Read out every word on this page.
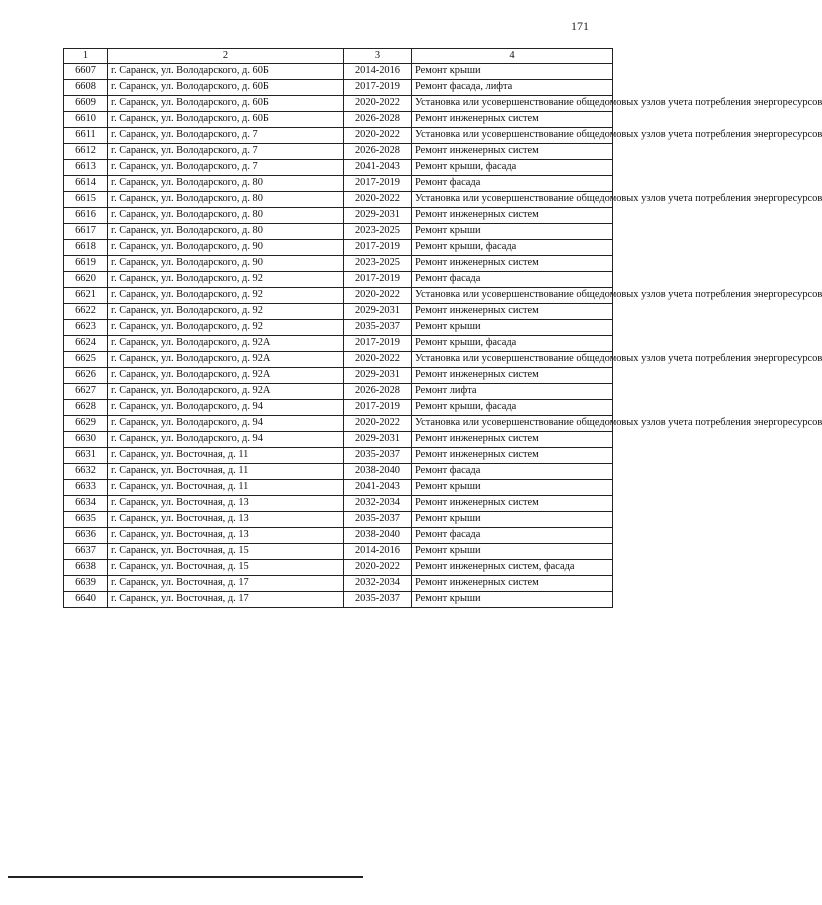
171
1	2	3	4
6607	г. Саранск, ул. Володарского, д. 60Б	2014-2016	Ремонт крыши
6608	г. Саранск, ул. Володарского, д. 60Б	2017-2019	Ремонт фасада, лифта
6609	г. Саранск, ул. Володарского, д. 60Б	2020-2022	Установка или усовершенствование общедомовых узлов учета потребления энергоресурсов
6610	г. Саранск, ул. Володарского, д. 60Б	2026-2028	Ремонт инженерных систем
6611	г. Саранск, ул. Володарского, д. 7	2020-2022	Установка или усовершенствование общедомовых узлов учета потребления энергоресурсов
6612	г. Саранск, ул. Володарского, д. 7	2026-2028	Ремонт инженерных систем
6613	г. Саранск, ул. Володарского, д. 7	2041-2043	Ремонт крыши, фасада
6614	г. Саранск, ул. Володарского, д. 80	2017-2019	Ремонт фасада
6615	г. Саранск, ул. Володарского, д. 80	2020-2022	Установка или усовершенствование общедомовых узлов учета потребления энергоресурсов
6616	г. Саранск, ул. Володарского, д. 80	2029-2031	Ремонт инженерных систем
6617	г. Саранск, ул. Володарского, д. 80	2023-2025	Ремонт крыши
6618	г. Саранск, ул. Володарского, д. 90	2017-2019	Ремонт крыши, фасада
6619	г. Саранск, ул. Володарского, д. 90	2023-2025	Ремонт инженерных систем
6620	г. Саранск, ул. Володарского, д. 92	2017-2019	Ремонт фасада
6621	г. Саранск, ул. Володарского, д. 92	2020-2022	Установка или усовершенствование общедомовых узлов учета потребления энергоресурсов
6622	г. Саранск, ул. Володарского, д. 92	2029-2031	Ремонт инженерных систем
6623	г. Саранск, ул. Володарского, д. 92	2035-2037	Ремонт крыши
6624	г. Саранск, ул. Володарского, д. 92А	2017-2019	Ремонт крыши, фасада
6625	г. Саранск, ул. Володарского, д. 92А	2020-2022	Установка или усовершенствование общедомовых узлов учета потребления энергоресурсов
6626	г. Саранск, ул. Володарского, д. 92А	2029-2031	Ремонт инженерных систем
6627	г. Саранск, ул. Володарского, д. 92А	2026-2028	Ремонт лифта
6628	г. Саранск, ул. Володарского, д. 94	2017-2019	Ремонт крыши, фасада
6629	г. Саранск, ул. Володарского, д. 94	2020-2022	Установка или усовершенствование общедомовых узлов учета потребления энергоресурсов
6630	г. Саранск, ул. Володарского, д. 94	2029-2031	Ремонт инженерных систем
6631	г. Саранск, ул. Восточная, д. 11	2035-2037	Ремонт инженерных систем
6632	г. Саранск, ул. Восточная, д. 11	2038-2040	Ремонт фасада
6633	г. Саранск, ул. Восточная, д. 11	2041-2043	Ремонт крыши
6634	г. Саранск, ул. Восточная, д. 13	2032-2034	Ремонт инженерных систем
6635	г. Саранск, ул. Восточная, д. 13	2035-2037	Ремонт крыши
6636	г. Саранск, ул. Восточная, д. 13	2038-2040	Ремонт фасада
6637	г. Саранск, ул. Восточная, д. 15	2014-2016	Ремонт крыши
6638	г. Саранск, ул. Восточная, д. 15	2020-2022	Ремонт инженерных систем, фасада
6639	г. Саранск, ул. Восточная, д. 17	2032-2034	Ремонт инженерных систем
6640	г. Саранск, ул. Восточная, д. 17	2035-2037	Ремонт крыши
